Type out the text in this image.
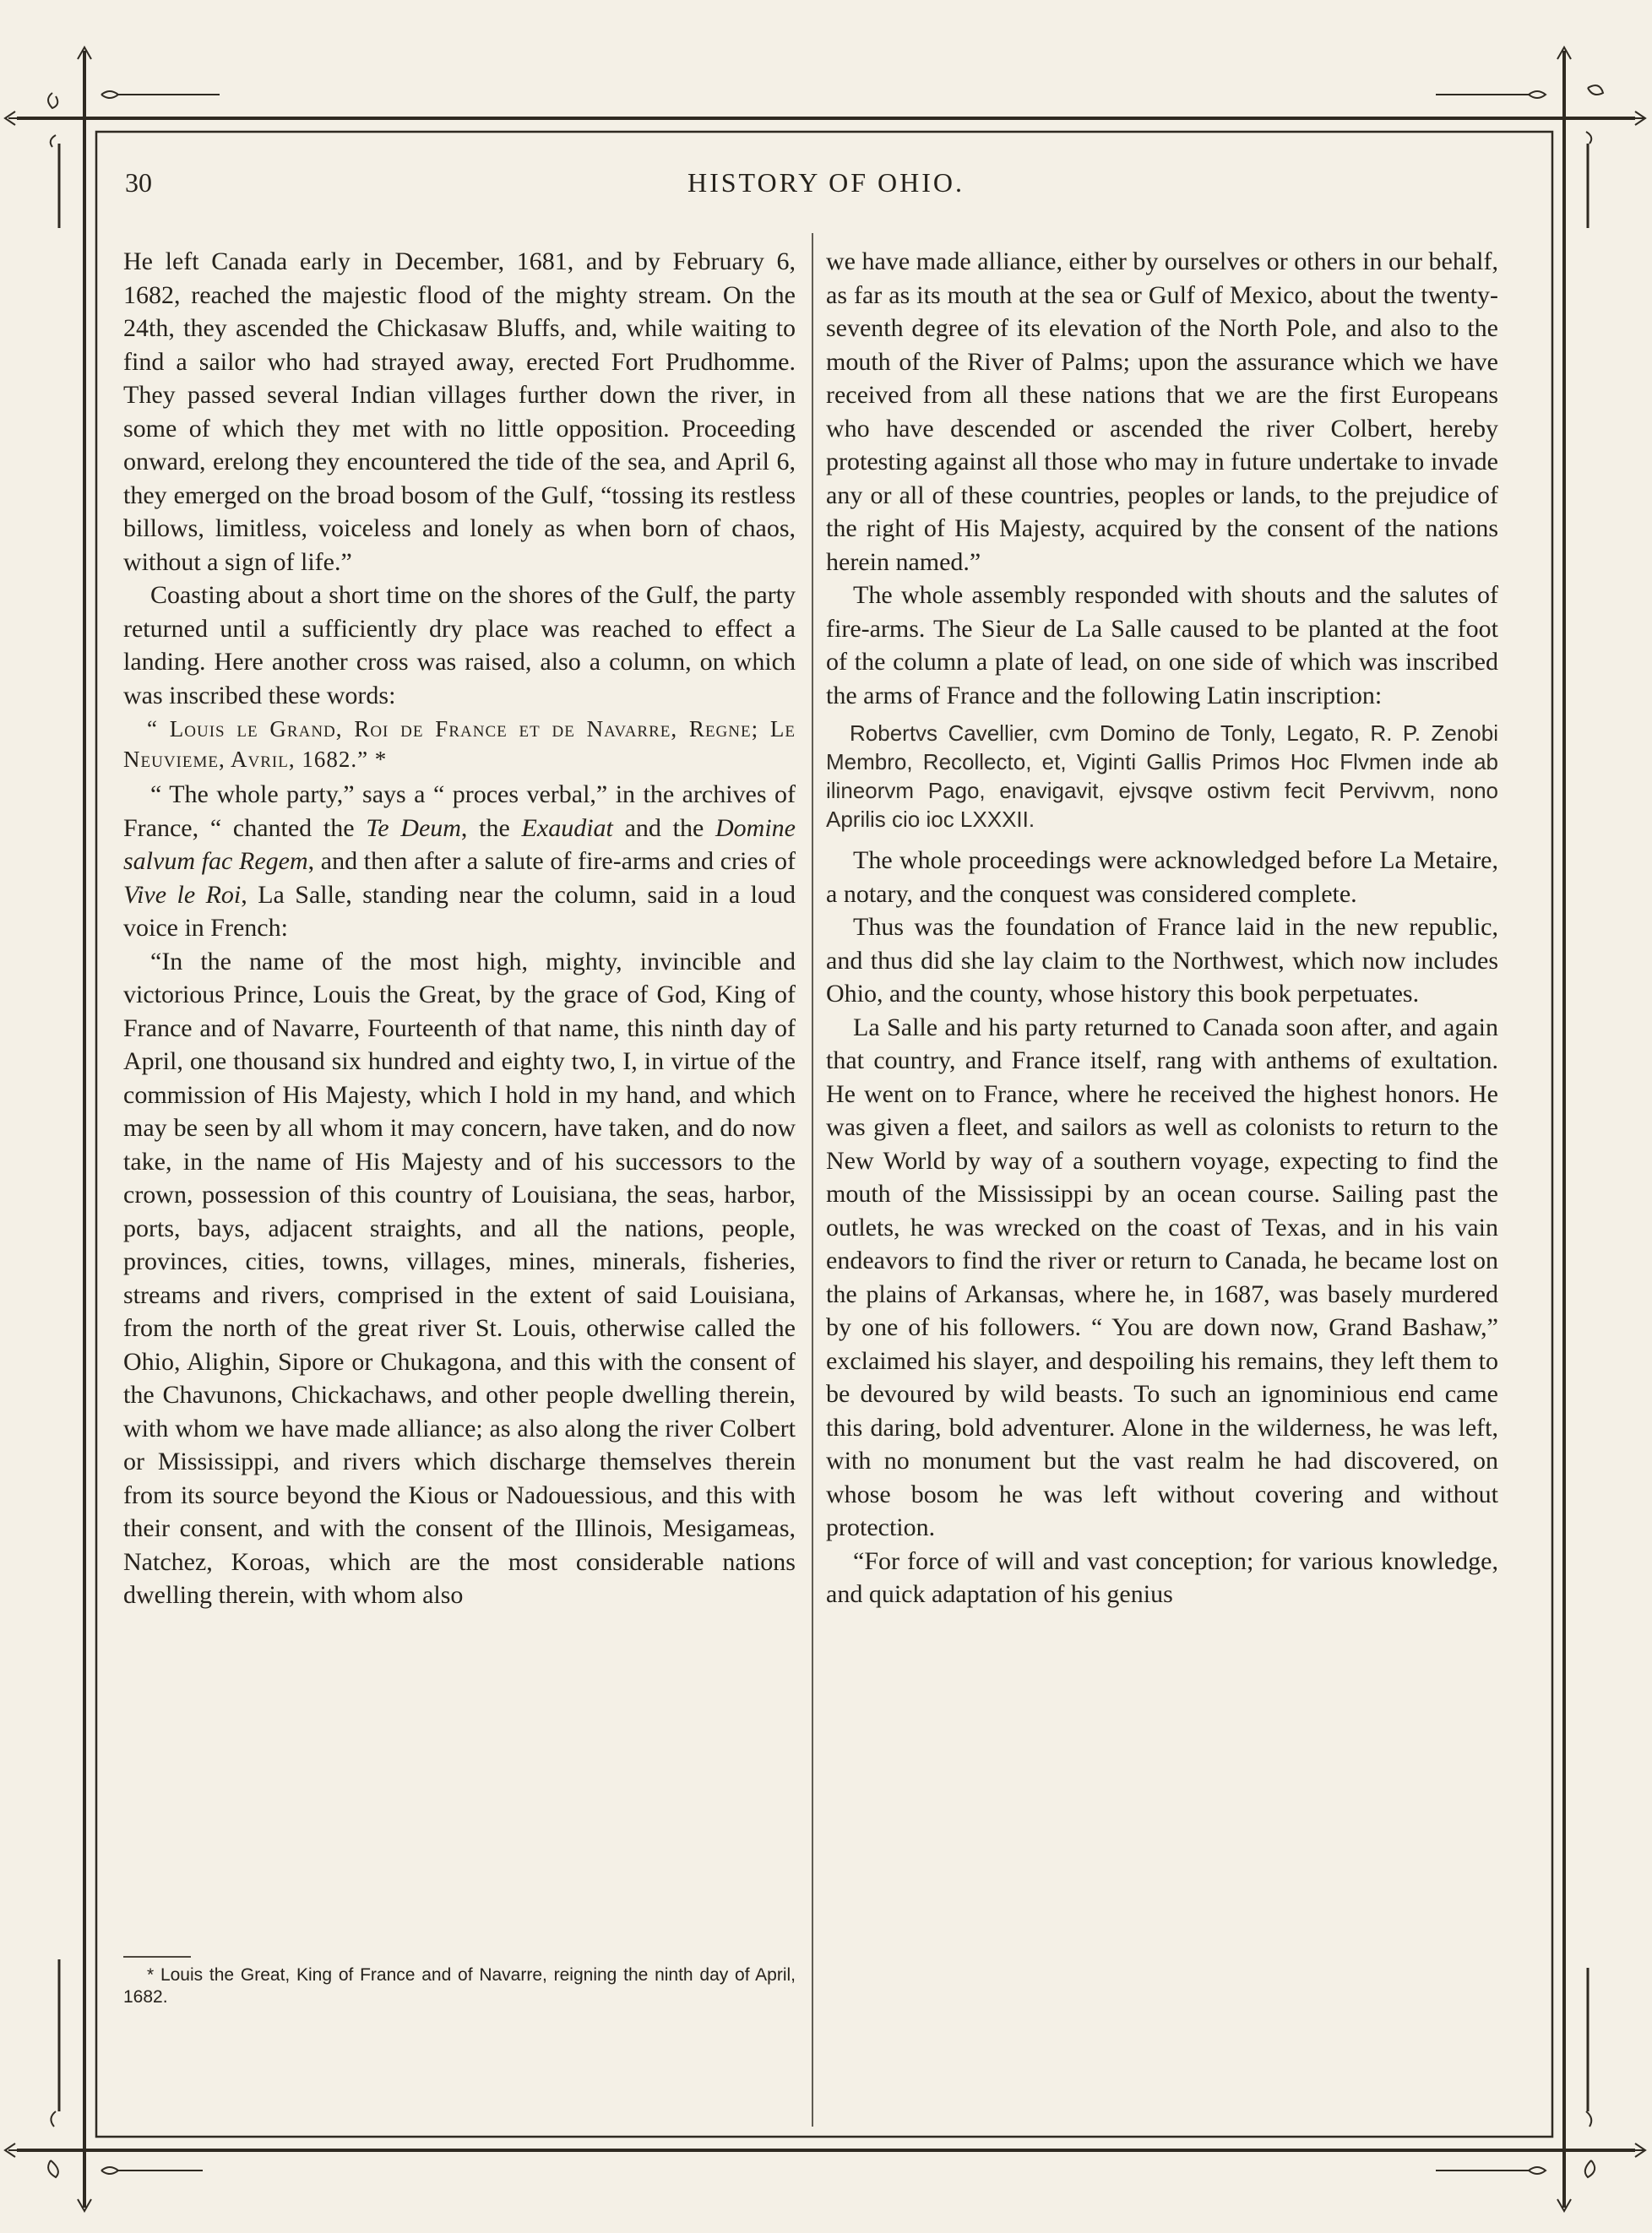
30	HISTORY OF OHIO.

He left Canada early in December, 1681, and by February 6, 1682, reached the majestic flood of the mighty stream. On the 24th, they ascended the Chickasaw Bluffs, and, while waiting to find a sailor who had strayed away, erected Fort Prudhomme. They passed several Indian villages further down the river, in some of which they met with no little opposition. Proceeding onward, erelong they encountered the tide of the sea, and April 6, they emerged on the broad bosom of the Gulf, “tossing its restless billows, limitless, voiceless and lonely as when born of chaos, without a sign of life.”

Coasting about a short time on the shores of the Gulf, the party returned until a sufficiently dry place was reached to effect a landing. Here another cross was raised, also a column, on which was inscribed these words:

“ Louis le Grand, Roi de France et de Navarre, Regne; Le Neuvieme, Avril, 1682.” *

“ The whole party,” says a “ proces verbal,” in the archives of France, “ chanted the Te Deum, the Exaudiat and the Domine salvum fac Regem, and then after a salute of fire-arms and cries of Vive le Roi, La Salle, standing near the column, said in a loud voice in French:

“In the name of the most high, mighty, invincible and victorious Prince, Louis the Great, by the grace of God, King of France and of Navarre, Fourteenth of that name, this ninth day of April, one thousand six hundred and eighty two, I, in virtue of the commission of His Majesty, which I hold in my hand, and which may be seen by all whom it may concern, have taken, and do now take, in the name of His Majesty and of his successors to the crown, possession of this country of Louisiana, the seas, harbor, ports, bays, adjacent straights, and all the nations, people, provinces, cities, towns, villages, mines, minerals, fisheries, streams and rivers, comprised in the extent of said Louisiana, from the north of the great river St. Louis, otherwise called the Ohio, Alighin, Sipore or Chukagona, and this with the consent of the Chavunons, Chickachaws, and other people dwelling therein, with whom we have made alliance; as also along the river Colbert or Mississippi, and rivers which discharge themselves therein from its source beyond the Kious or Nadouessious, and this with their consent, and with the consent of the Illinois, Mesigameas, Natchez, Koroas, which are the most considerable nations dwelling therein, with whom also

* Louis the Great, King of France and of Navarre, reigning the ninth day of April, 1682.

we have made alliance, either by ourselves or others in our behalf, as far as its mouth at the sea or Gulf of Mexico, about the twenty-seventh degree of its elevation of the North Pole, and also to the mouth of the River of Palms; upon the assurance which we have received from all these nations that we are the first Europeans who have descended or ascended the river Colbert, hereby protesting against all those who may in future undertake to invade any or all of these countries, peoples or lands, to the prejudice of the right of His Majesty, acquired by the consent of the nations herein named.”

The whole assembly responded with shouts and the salutes of fire-arms. The Sieur de La Salle caused to be planted at the foot of the column a plate of lead, on one side of which was inscribed the arms of France and the following Latin inscription:

Robertvs Cavellier, cvm Domino de Tonly, Legato, R. P. Zenobi Membro, Recollecto, et, Viginti Gallis Primos Hoc Flvmen inde ab ilineorvm Pago, enavigavit, ejvsqve ostivm fecit Pervivvm, nono Aprilis cio ioc LXXXII.

The whole proceedings were acknowledged before La Metaire, a notary, and the conquest was considered complete.

Thus was the foundation of France laid in the new republic, and thus did she lay claim to the Northwest, which now includes Ohio, and the county, whose history this book perpetuates.

La Salle and his party returned to Canada soon after, and again that country, and France itself, rang with anthems of exultation. He went on to France, where he received the highest honors. He was given a fleet, and sailors as well as colonists to return to the New World by way of a southern voyage, expecting to find the mouth of the Mississippi by an ocean course. Sailing past the outlets, he was wrecked on the coast of Texas, and in his vain endeavors to find the river or return to Canada, he became lost on the plains of Arkansas, where he, in 1687, was basely murdered by one of his followers. “ You are down now, Grand Bashaw,” exclaimed his slayer, and despoiling his remains, they left them to be devoured by wild beasts. To such an ignominious end came this daring, bold adventurer. Alone in the wilderness, he was left, with no monument but the vast realm he had discovered, on whose bosom he was left without covering and without protection.

“For force of will and vast conception; for various knowledge, and quick adaptation of his genius
